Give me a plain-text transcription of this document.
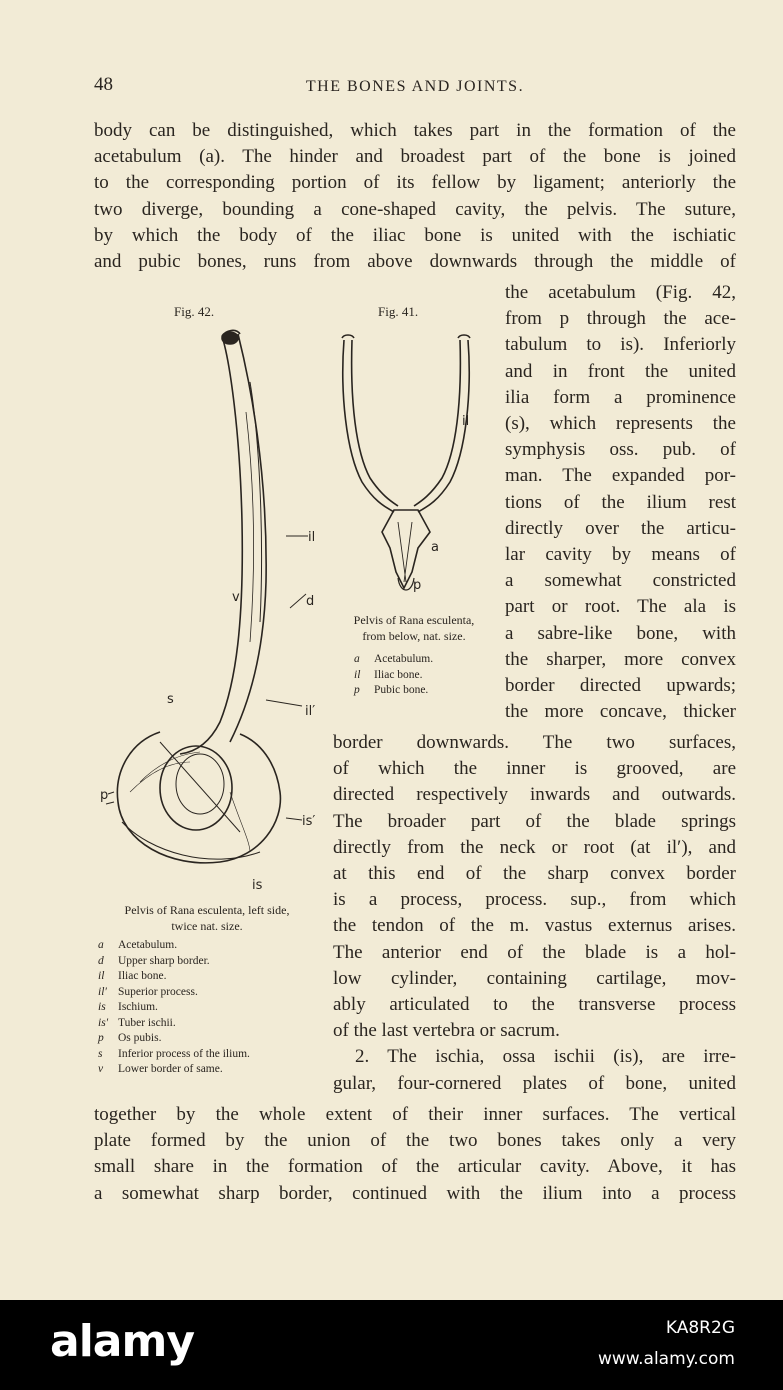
48	THE BONES AND JOINTS.
body can be distinguished, which takes part in the formation of the
acetabulum (a). The hinder and broadest part of the bone is joined
to the corresponding portion of its fellow by ligament; anteriorly the
two diverge, bounding a cone-shaped cavity, the pelvis. The suture,
by which the body of the iliac bone is united with the ischiatic
and pubic bones, runs from above downwards through the middle of
Fig. 42.
il
d
v
s
il′
p
is′
is
Pelvis of Rana esculenta, left side,
twice nat. size.
a Acetabulum.
d Upper sharp border.
il Iliac bone.
il′ Superior process.
is Ischium.
is′ Tuber ischii.
p Os pubis.
s Inferior process of the ilium.
v Lower border of same.
Fig. 41.
il
a
p
Pelvis of Rana esculenta,
from below, nat. size.
a Acetabulum.
il Iliac bone.
p Pubic bone.
the acetabulum (Fig. 42,
from p through the ace-
tabulum to is). Inferiorly
and in front the united
ilia form a prominence
(s), which represents the
symphysis oss. pub. of
man. The expanded por-
tions of the ilium rest
directly over the articu-
lar cavity by means of
a somewhat constricted
part or root. The ala is
a sabre-like bone, with
the sharper, more convex
border directed upwards;
the more concave, thicker
border downwards. The two surfaces,
of which the inner is grooved, are
directed respectively inwards and outwards.
The broader part of the blade springs
directly from the neck or root (at il′), and
at this end of the sharp convex border
is a process, process. sup., from which
the tendon of the m. vastus externus arises.
The anterior end of the blade is a hol-
low cylinder, containing cartilage, mov-
ably articulated to the transverse process
of the last vertebra or sacrum.
2. The ischia, ossa ischii (is), are irre-
gular, four-cornered plates of bone, united
together by the whole extent of their inner surfaces. The vertical
plate formed by the union of the two bones takes only a very
small share in the formation of the articular cavity. Above, it has
a somewhat sharp border, continued with the ilium into a process
alamy	KA8R2G
www.alamy.com
